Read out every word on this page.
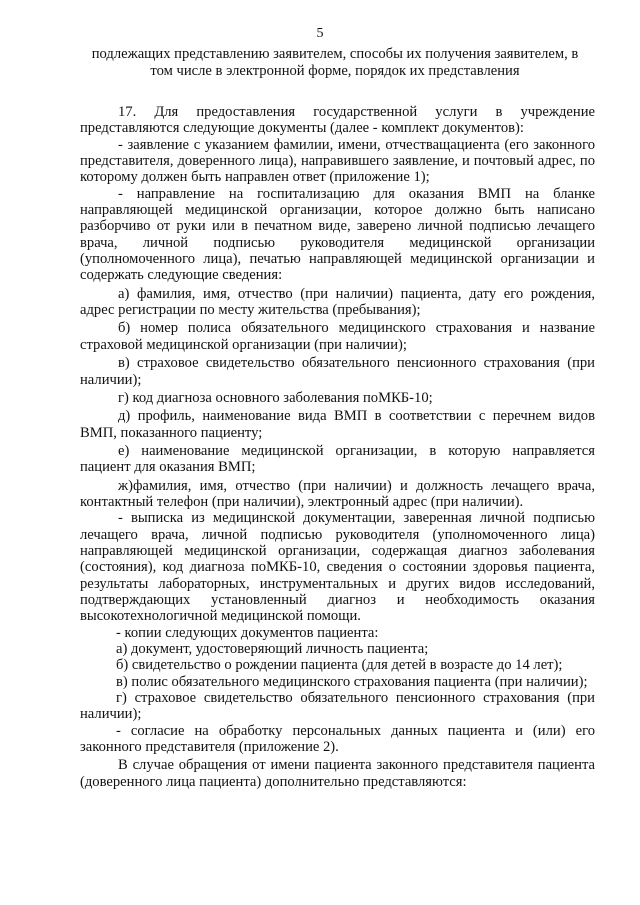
5
подлежащих представлению заявителем, способы их получения заявителем, в
том числе в электронной форме, порядок их представления

17. Для предоставления государственной услуги в учреждение представляются следующие документы (далее - комплект документов):

- заявление с указанием фамилии, имени, отчестващациента (его законного представителя, доверенного лица), направившего заявление, и почтовый адрес, по которому должен быть направлен ответ (приложение 1);

- направление на госпитализацию для оказания ВМП на бланке направляющей медицинской организации, которое должно быть написано разборчиво от руки или в печатном виде, заверено личной подписью лечащего врача, личной подписью руководителя медицинской организации (уполномоченного лица), печатью направляющей медицинской организации и содержать следующие сведения:

а) фамилия, имя, отчество (при наличии) пациента, дату его рождения, адрес регистрации по месту жительства (пребывания);

б) номер полиса обязательного медицинского страхования и название страховой медицинской организации (при наличии);

в) страховое свидетельство обязательного пенсионного страхования (при наличии);

г) код диагноза основного заболевания поМКБ-10;

д) профиль, наименование вида ВМП в соответствии с перечнем видов ВМП, показанного пациенту;

е) наименование медицинской организации, в которую направляется пациент для оказания ВМП;

ж)фамилия, имя, отчество (при наличии) и должность лечащего врача, контактный телефон (при наличии), электронный адрес (при наличии).

- выписка из медицинской документации, заверенная личной подписью лечащего врача, личной подписью руководителя (уполномоченного лица) направляющей медицинской организации, содержащая диагноз заболевания (состояния), код диагноза поМКБ-10, сведения о состоянии здоровья пациента, результаты лабораторных, инструментальных и других видов исследований, подтверждающих установленный диагноз и необходимость оказания высокотехнологичной медицинской помощи.

- копии следующих документов пациента:

а) документ, удостоверяющий личность пациента;

б) свидетельство о рождении пациента (для детей в возрасте до 14 лет);

в) полис обязательного медицинского страхования пациента (при наличии);

г) страховое свидетельство обязательного пенсионного страхования (при наличии);

- согласие на обработку персональных данных пациента и (или) его законного представителя (приложение 2).

В случае обращения от имени пациента законного представителя пациента (доверенного лица пациента) дополнительно представляются:
